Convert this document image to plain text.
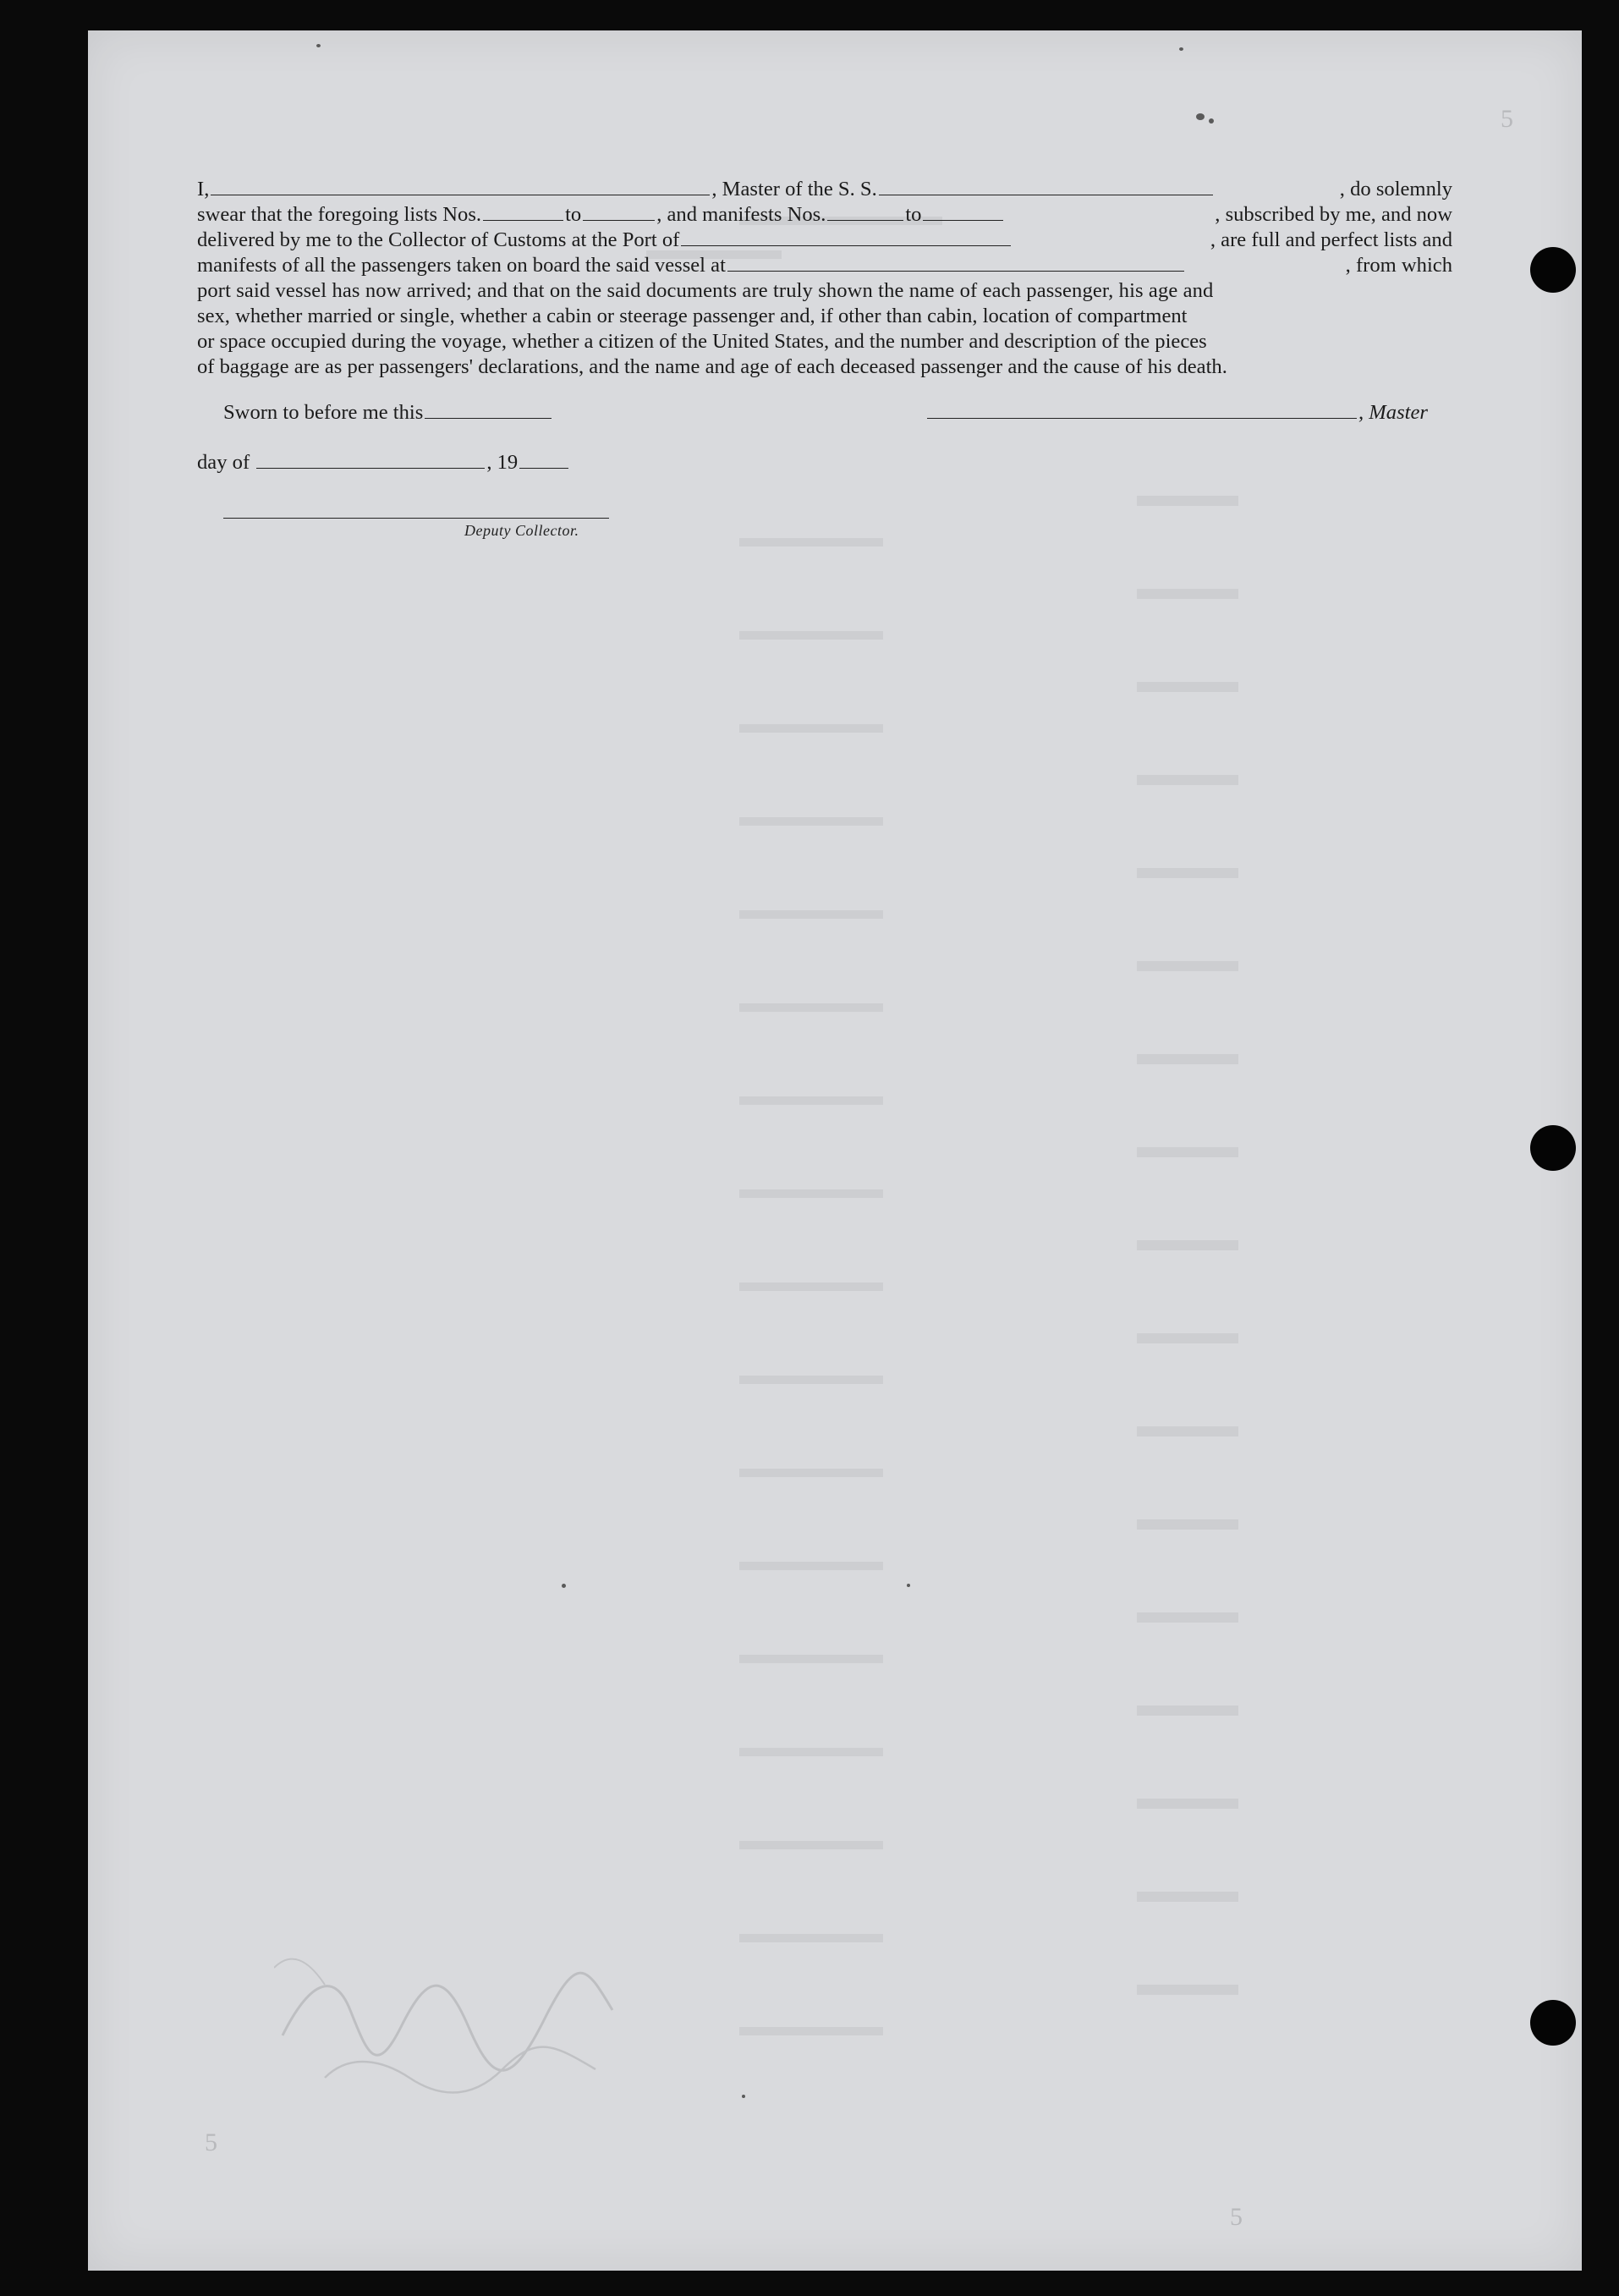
I,	, Master of the S. S.	, do solemnly
swear that the foregoing lists Nos.	to	, and manifests Nos.	to	, subscribed by me, and now
delivered by me to the Collector of Customs at the Port of	, are full and perfect lists and
manifests of all the passengers taken on board the said vessel at	, from which
port said vessel has now arrived; and that on the said documents are truly shown the name of each passenger, his age and
sex, whether married or single, whether a cabin or steerage passenger and, if other than cabin, location of compartment
or space occupied during the voyage, whether a citizen of the United States, and the number and description of the pieces
of baggage are as per passengers' declarations, and the name and age of each deceased passenger and the cause of his death.
Sworn to before me this	, Master
day of	, 19
Deputy Collector.
5
5
5
